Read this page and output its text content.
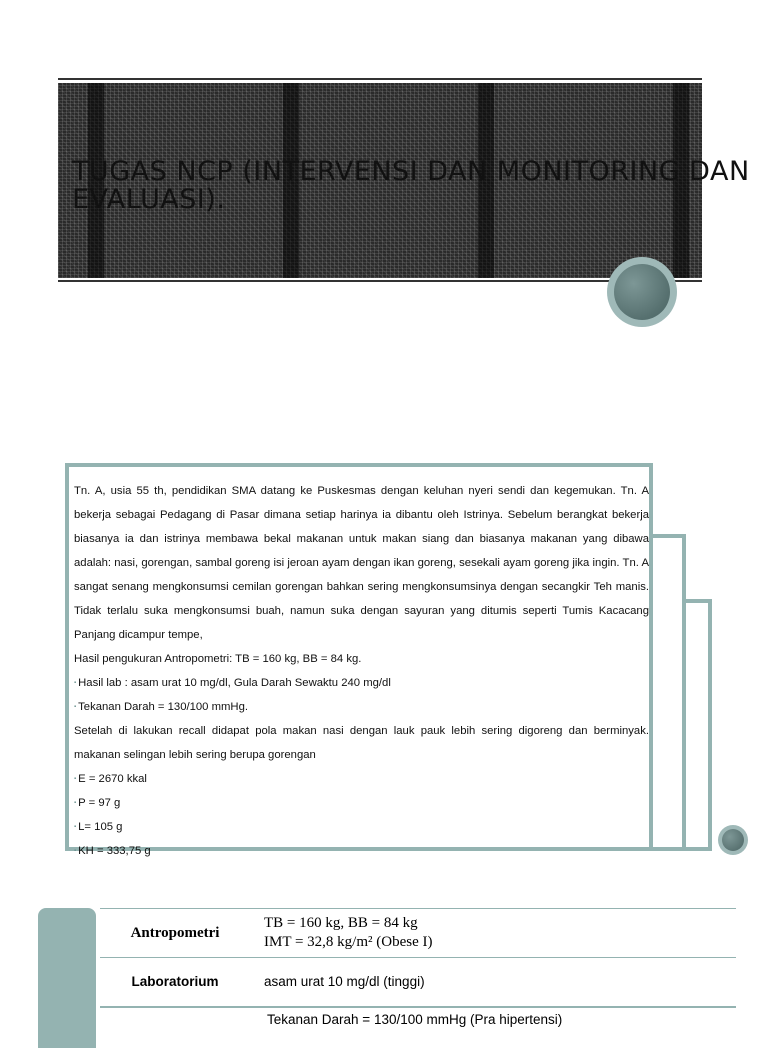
TUGAS NCP (INTERVENSI DAN MONITORING DAN EVALUASI).

Tn. A, usia 55 th, pendidikan SMA datang ke Puskesmas dengan keluhan nyeri sendi dan kegemukan. Tn. A bekerja sebagai Pedagang di Pasar dimana setiap harinya ia dibantu oleh Istrinya. Sebelum berangkat bekerja biasanya ia dan istrinya membawa bekal makanan untuk makan siang dan biasanya makanan yang dibawa adalah: nasi, gorengan, sambal goreng isi jeroan ayam dengan ikan goreng, sesekali ayam goreng jika ingin. Tn. A sangat senang mengkonsumsi cemilan gorengan bahkan sering mengkonsumsinya dengan secangkir Teh manis. Tidak terlalu suka mengkonsumsi buah, namun suka dengan sayuran yang ditumis seperti Tumis Kacacang Panjang dicampur tempe,

Hasil pengukuran Antropometri: TB = 160 kg, BB = 84 kg.

▪ Hasil lab : asam urat 10 mg/dl, Gula Darah Sewaktu 240 mg/dl

▪ Tekanan Darah = 130/100 mmHg.

Setelah di lakukan recall didapat pola makan nasi dengan lauk pauk lebih sering digoreng dan berminyak. makanan selingan lebih sering berupa gorengan

▪ E = 2670 kkal

▪ P = 97 g

▪ L= 105 g

▪ KH = 333,75 g

Antropometri	TB = 160 kg, BB = 84 kg
IMT = 32,8 kg/m² (Obese I)

Laboratorium	asam urat 10 mg/dl (tinggi)
	Tekanan Darah = 130/100 mmHg (Pra hipertensi)
